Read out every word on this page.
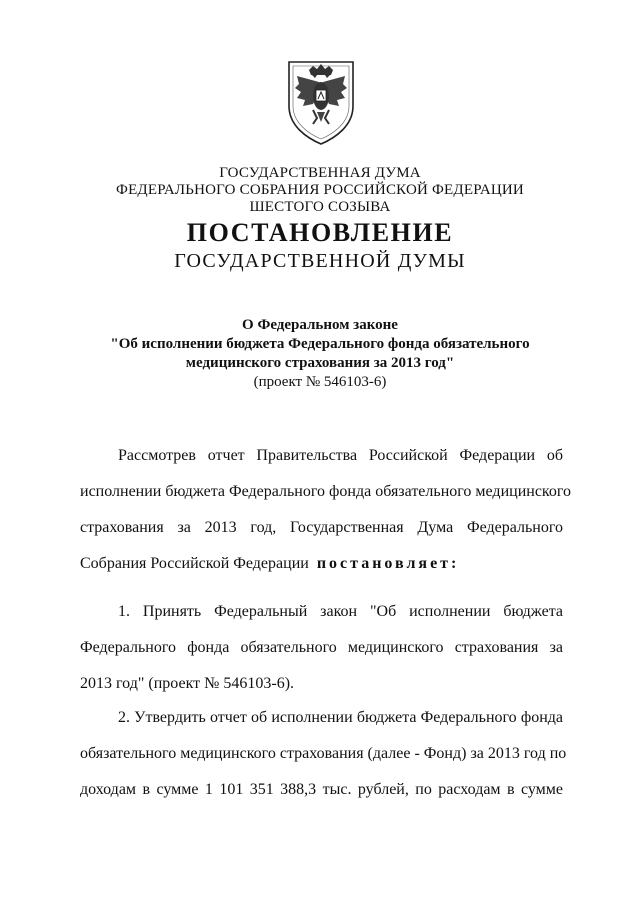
ГОСУДАРСТВЕННАЯ ДУМА
ФЕДЕРАЛЬНОГО СОБРАНИЯ РОССИЙСКОЙ ФЕДЕРАЦИИ
ШЕСТОГО СОЗЫВА
ПОСТАНОВЛЕНИЕ
ГОСУДАРСТВЕННОЙ ДУМЫ
О Федеральном законе
"Об исполнении бюджета Федерального фонда обязательного
медицинского страхования за 2013 год"
(проект № 546103-6)
Рассмотрев отчет Правительства Российской Федерации об
исполнении бюджета Федерального фонда обязательного медицинского
страхования за 2013 год, Государственная Дума Федерального
Собрания Российской Федерации постановляет:
1. Принять Федеральный закон "Об исполнении бюджета
Федерального фонда обязательного медицинского страхования за
2013 год" (проект № 546103-6).
2. Утвердить отчет об исполнении бюджета Федерального фонда
обязательного медицинского страхования (далее - Фонд) за 2013 год по
доходам в сумме 1 101 351 388,3 тыс. рублей, по расходам в сумме
